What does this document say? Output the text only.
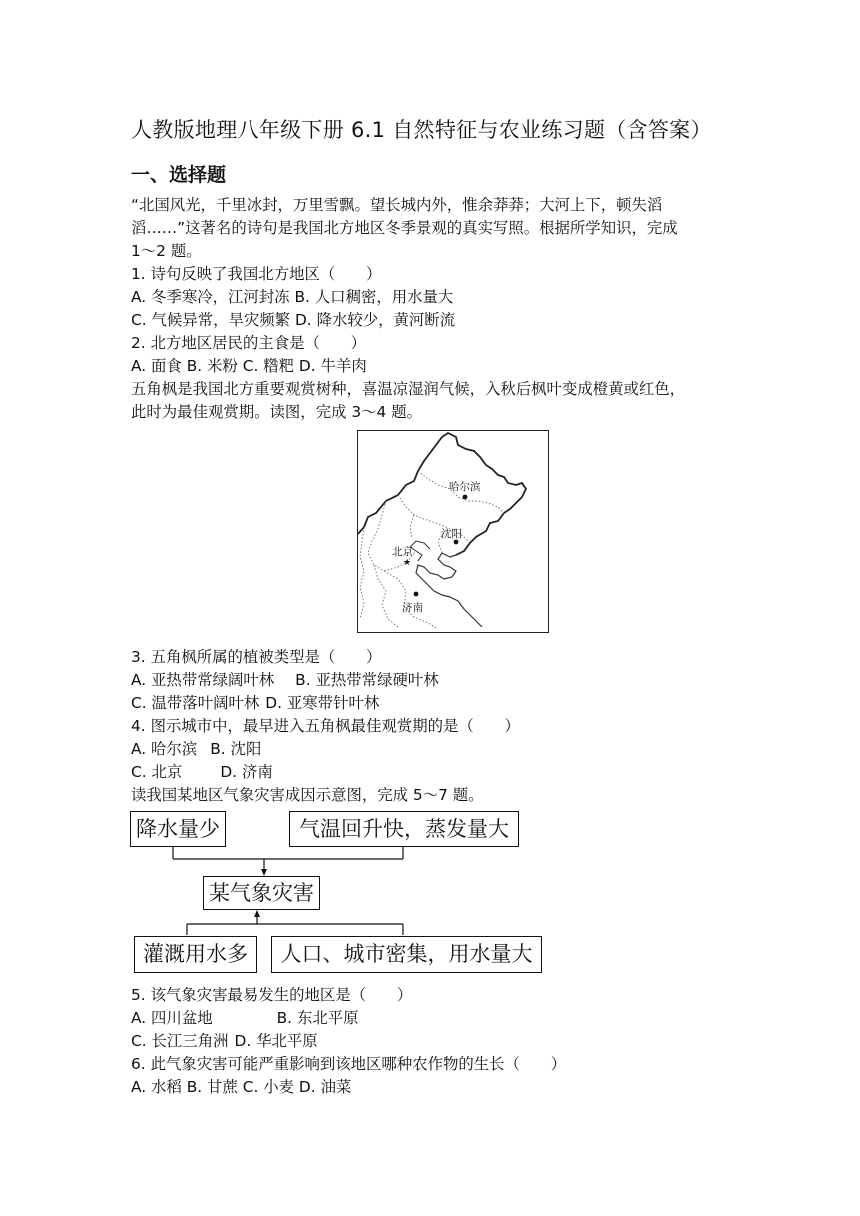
人教版地理八年级下册 6.1 自然特征与农业练习题（含答案）
一、选择题
“北国风光，千里冰封，万里雪飘。望长城内外，惟余莽莽；大河上下，顿失滔
滔……”这著名的诗句是我国北方地区冬季景观的真实写照。根据所学知识，完成
1～2 题。
1. 诗句反映了我国北方地区（　　）
A. 冬季寒冷，江河封冻 B. 人口稠密，用水量大
C. 气候异常，旱灾频繁 D. 降水较少，黄河断流
2. 北方地区居民的主食是（　　）
A. 面食 B. 米粉 C. 糌粑 D. 牛羊肉
五角枫是我国北方重要观赏树种，喜温凉湿润气候，入秋后枫叶变成橙黄或红色，
此时为最佳观赏期。读图，完成 3～4 题。
★
哈尔滨
沈阳
北京
济南
3. 五角枫所属的植被类型是（　　）
A. 亚热带常绿阔叶林 B. 亚热带常绿硬叶林
C. 温带落叶阔叶林 D. 亚寒带针叶林
4. 图示城市中，最早进入五角枫最佳观赏期的是（　　）
A. 哈尔滨 B. 沈阳
C. 北京 D. 济南
读我国某地区气象灾害成因示意图，完成 5～7 题。
降水量少	气温回升快，蒸发量大
某气象灾害
灌溉用水多	人口、城市密集，用水量大
5. 该气象灾害最易发生的地区是（　　）
A. 四川盆地	B. 东北平原
C. 长江三角洲 D. 华北平原
6. 此气象灾害可能严重影响到该地区哪种农作物的生长（　　）
A. 水稻 B. 甘蔗 C. 小麦 D. 油菜
